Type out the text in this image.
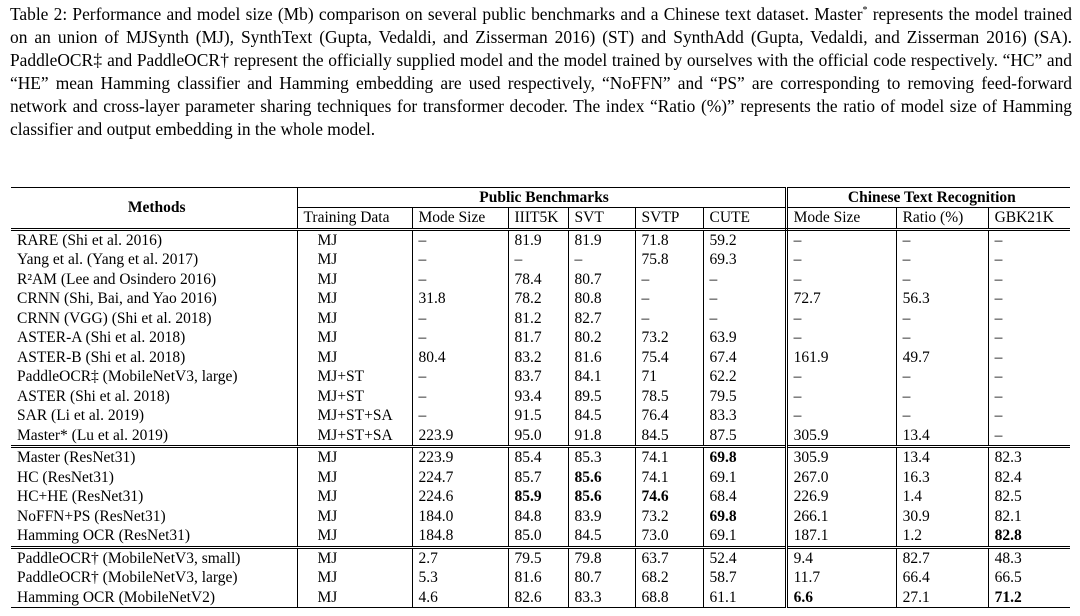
Table 2: Performance and model size (Mb) comparison on several public benchmarks and a Chinese text dataset. Master* represents the model trained on an union of MJSynth (MJ), SynthText (Gupta, Vedaldi, and Zisserman 2016) (ST) and SynthAdd (Gupta, Vedaldi, and Zisserman 2016) (SA). PaddleOCR‡ and PaddleOCR† represent the officially supplied model and the model trained by ourselves with the official code respectively. “HC” and “HE” mean Hamming classifier and Hamming embedding are used respectively, “NoFFN” and “PS” are corresponding to removing feed-forward network and cross-layer parameter sharing techniques for transformer decoder. The index “Ratio (%)” represents the ratio of model size of Hamming classifier and output embedding in the whole model.
Methods	Public Benchmarks						Chinese Text Recognition		
	Training Data	Mode Size	IIIT5K	SVT	SVTP	CUTE	Mode Size	Ratio (%)	GBK21K
RARE (Shi et al. 2016)	MJ	–	81.9	81.9	71.8	59.2	–	–	–
Yang et al. (Yang et al. 2017)	MJ	–	–	–	75.8	69.3	–	–	–
R²AM (Lee and Osindero 2016)	MJ	–	78.4	80.7	–	–	–	–	–
CRNN (Shi, Bai, and Yao 2016)	MJ	31.8	78.2	80.8	–	–	72.7	56.3	–
CRNN (VGG) (Shi et al. 2018)	MJ	–	81.2	82.7	–	–	–	–	–
ASTER-A (Shi et al. 2018)	MJ	–	81.7	80.2	73.2	63.9	–	–	–
ASTER-B (Shi et al. 2018)	MJ	80.4	83.2	81.6	75.4	67.4	161.9	49.7	–
PaddleOCR‡ (MobileNetV3, large)	MJ+ST	–	83.7	84.1	71	62.2	–	–	–
ASTER (Shi et al. 2018)	MJ+ST	–	93.4	89.5	78.5	79.5	–	–	–
SAR (Li et al. 2019)	MJ+ST+SA	–	91.5	84.5	76.4	83.3	–	–	–
Master* (Lu et al. 2019)	MJ+ST+SA	223.9	95.0	91.8	84.5	87.5	305.9	13.4	–
Master (ResNet31)	MJ	223.9	85.4	85.3	74.1	69.8	305.9	13.4	82.3
HC (ResNet31)	MJ	224.7	85.7	85.6	74.1	69.1	267.0	16.3	82.4
HC+HE (ResNet31)	MJ	224.6	85.9	85.6	74.6	68.4	226.9	1.4	82.5
NoFFN+PS (ResNet31)	MJ	184.0	84.8	83.9	73.2	69.8	266.1	30.9	82.1
Hamming OCR (ResNet31)	MJ	184.8	85.0	84.5	73.0	69.1	187.1	1.2	82.8
PaddleOCR† (MobileNetV3, small)	MJ	2.7	79.5	79.8	63.7	52.4	9.4	82.7	48.3
PaddleOCR† (MobileNetV3, large)	MJ	5.3	81.6	80.7	68.2	58.7	11.7	66.4	66.5
Hamming OCR (MobileNetV2)	MJ	4.6	82.6	83.3	68.8	61.1	6.6	27.1	71.2
